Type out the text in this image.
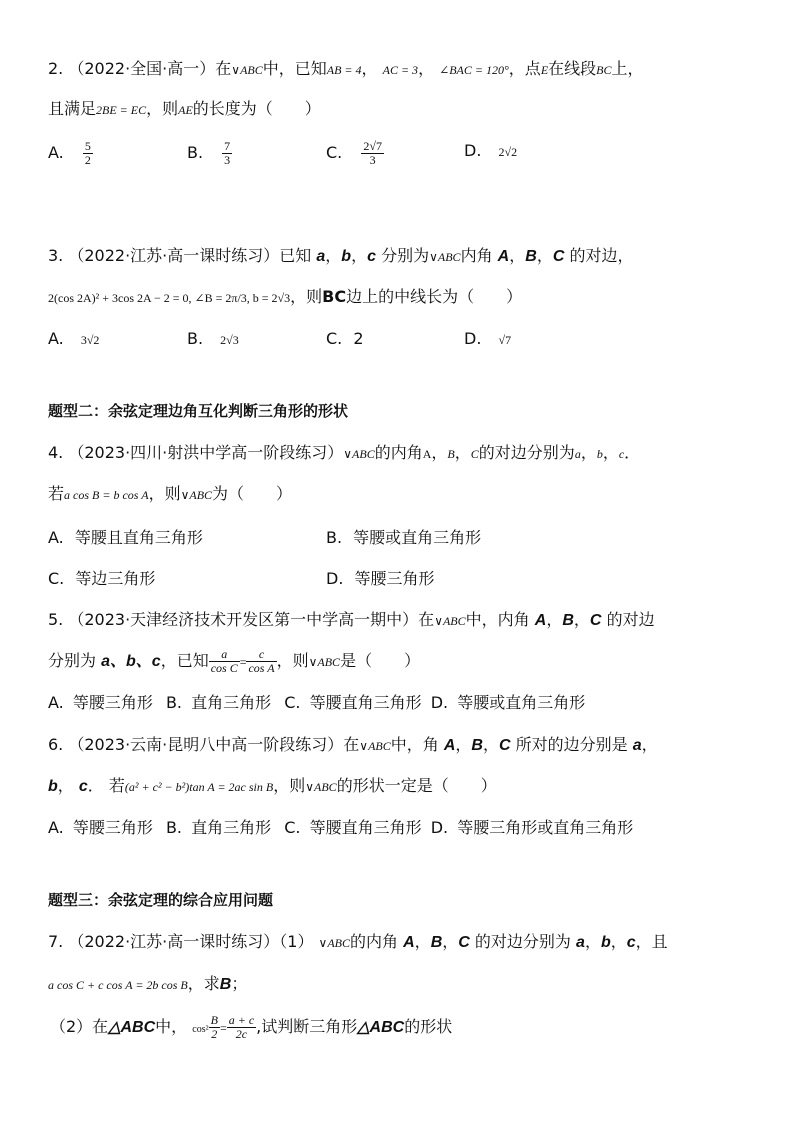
2. （2022·全国·高一）在∨ABC中，已知AB = 4， AC = 3， ∠BAC = 120°，点E在线段BC上，
且满足2BE = EC，则AE的长度为（　　）
A. $\frac{5}{2}$	B. $\frac{7}{3}$	C. $\frac{2√7}{3}$	D. 2√2
3. （2022·江苏·高一课时练习）已知 a，b，c 分别为∨ABC内角 A，B，C 的对边，
2(cos 2A)² + 3cos 2A − 2 = 0, ∠B = 2π/3, b = 2√3，则BC边上的中线长为（　　）
A. 3√2	B. 2√3	C. 2	D. √7
题型二：余弦定理边角互化判断三角形的形状
4. （2023·四川·射洪中学高一阶段练习）∨ABC的内角A，B，C的对边分别为a，b，c．
若a cos B = b cos A，则∨ABC为（　　）
A. 等腰且直角三角形	B. 等腰或直角三角形
C. 等边三角形	D. 等腰三角形
5. （2023·天津经济技术开发区第一中学高一期中）在∨ABC中，内角 A，B，C 的对边
分别为 a、b、c，已知 $\frac{a}{\text{cos C}} = \frac{c}{\text{cos A}}$ ，则∨ABC是（　　）
A. 等腰三角形 B. 直角三角形 C. 等腰直角三角形 D. 等腰或直角三角形
6. （2023·云南·昆明八中高一阶段练习）在∨ABC中，角 A，B，C 所对的边分别是 a，
b， c． 若(a² + c² − b²)tan A = 2ac sin B，则∨ABC的形状一定是（　　）
A. 等腰三角形 B. 直角三角形 C. 等腰直角三角形 D. 等腰三角形或直角三角形
题型三：余弦定理的综合应用问题
7. （2022·江苏·高一课时练习）（1） ∨ABC的内角 A，B，C 的对边分别为 a，b，c，且
a cos C + c cos A = 2b cos B，求B；
（2）在△ABC中， $\cos^2 \frac{B}{2} = \frac{a + c}{2c}$ ,试判断三角形△ABC的形状
